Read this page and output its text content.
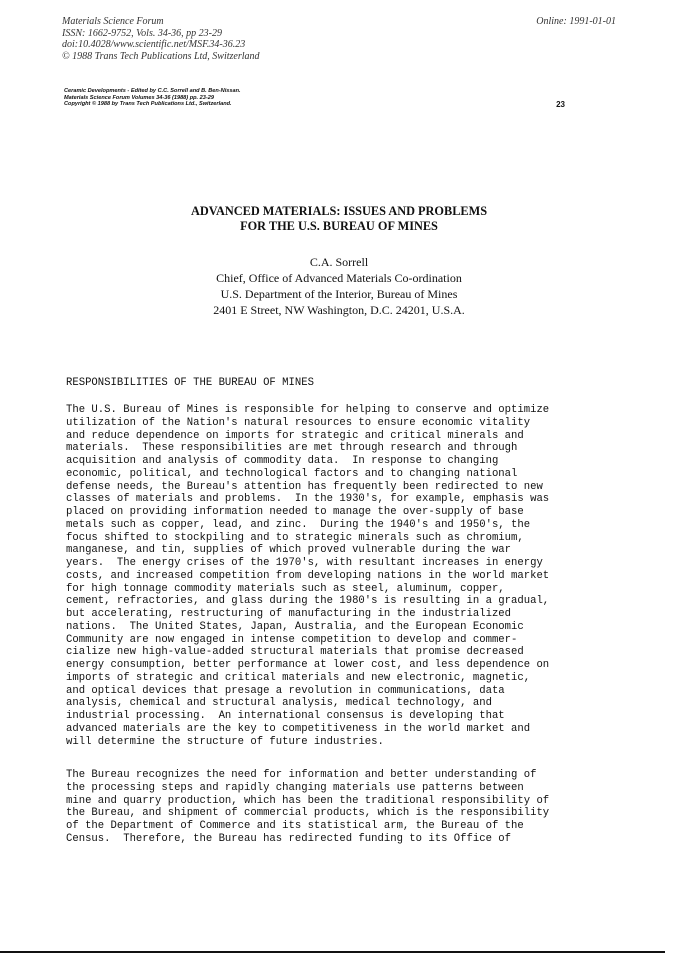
Materials Science Forum
ISSN: 1662-9752, Vols. 34-36, pp 23-29
doi:10.4028/www.scientific.net/MSF.34-36.23
© 1988 Trans Tech Publications Ltd, Switzerland
Online: 1991-01-01
Ceramic Developments - Edited by C.C. Sorrell and B. Ben-Nissan.
Materials Science Forum Volumes 34-36 (1988) pp. 23-29
Copyright © 1988 by Trans Tech Publications Ltd., Switzerland.	23
ADVANCED MATERIALS: ISSUES AND PROBLEMS
FOR THE U.S. BUREAU OF MINES
C.A. Sorrell
Chief, Office of Advanced Materials Co-ordination
U.S. Department of the Interior, Bureau of Mines
2401 E Street, NW Washington, D.C. 24201, U.S.A.
RESPONSIBILITIES OF THE BUREAU OF MINES
The U.S. Bureau of Mines is responsible for helping to conserve and optimize
utilization of the Nation's natural resources to ensure economic vitality
and reduce dependence on imports for strategic and critical minerals and
materials.  These responsibilities are met through research and through
acquisition and analysis of commodity data.  In response to changing
economic, political, and technological factors and to changing national
defense needs, the Bureau's attention has frequently been redirected to new
classes of materials and problems.  In the 1930's, for example, emphasis was
placed on providing information needed to manage the over-supply of base
metals such as copper, lead, and zinc.  During the 1940's and 1950's, the
focus shifted to stockpiling and to strategic minerals such as chromium,
manganese, and tin, supplies of which proved vulnerable during the war
years.  The energy crises of the 1970's, with resultant increases in energy
costs, and increased competition from developing nations in the world market
for high tonnage commodity materials such as steel, aluminum, copper,
cement, refractories, and glass during the 1980's is resulting in a gradual,
but accelerating, restructuring of manufacturing in the industrialized
nations.  The United States, Japan, Australia, and the European Economic
Community are now engaged in intense competition to develop and commer-
cialize new high-value-added structural materials that promise decreased
energy consumption, better performance at lower cost, and less dependence on
imports of strategic and critical materials and new electronic, magnetic,
and optical devices that presage a revolution in communications, data
analysis, chemical and structural analysis, medical technology, and
industrial processing.  An international consensus is developing that
advanced materials are the key to competitiveness in the world market and
will determine the structure of future industries.
The Bureau recognizes the need for information and better understanding of
the processing steps and rapidly changing materials use patterns between
mine and quarry production, which has been the traditional responsibility of
the Bureau, and shipment of commercial products, which is the responsibility
of the Department of Commerce and its statistical arm, the Bureau of the
Census.  Therefore, the Bureau has redirected funding to its Office of
